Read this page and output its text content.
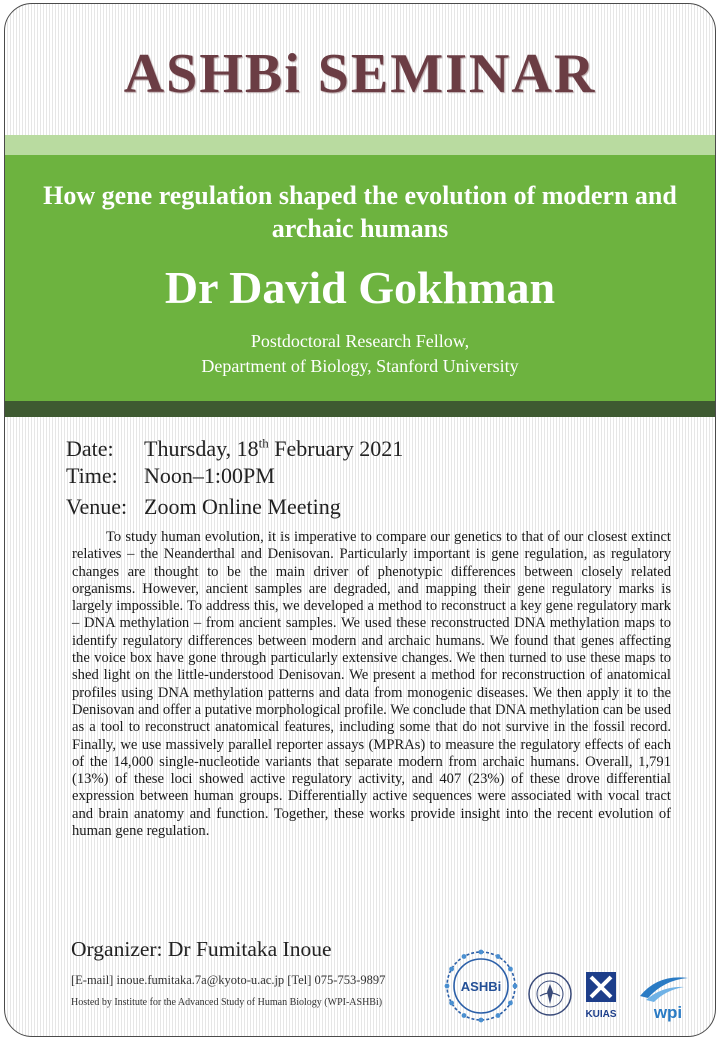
ASHBi SEMINAR
How gene regulation shaped the evolution of modern and archaic humans
Dr David Gokhman
Postdoctoral Research Fellow,
Department of Biology, Stanford University
Date: Thursday, 18th February 2021
Time: Noon–1:00PM
Venue: Zoom Online Meeting
To study human evolution, it is imperative to compare our genetics to that of our closest extinct relatives – the Neanderthal and Denisovan. Particularly important is gene regulation, as regulatory changes are thought to be the main driver of phenotypic differences between closely related organisms. However, ancient samples are degraded, and mapping their gene regulatory marks is largely impossible. To address this, we developed a method to reconstruct a key gene regulatory mark – DNA methylation – from ancient samples. We used these reconstructed DNA methylation maps to identify regulatory differences between modern and archaic humans. We found that genes affecting the voice box have gone through particularly extensive changes. We then turned to use these maps to shed light on the little-understood Denisovan. We present a method for reconstruction of anatomical profiles using DNA methylation patterns and data from monogenic diseases. We then apply it to the Denisovan and offer a putative morphological profile. We conclude that DNA methylation can be used as a tool to reconstruct anatomical features, including some that do not survive in the fossil record. Finally, we use massively parallel reporter assays (MPRAs) to measure the regulatory effects of each of the 14,000 single-nucleotide variants that separate modern from archaic humans. Overall, 1,791 (13%) of these loci showed active regulatory activity, and 407 (23%) of these drove differential expression between human groups. Differentially active sequences were associated with vocal tract and brain anatomy and function. Together, these works provide insight into the recent evolution of human gene regulation.
Organizer: Dr Fumitaka Inoue
[E-mail] inoue.fumitaka.7a@kyoto-u.ac.jp [Tel] 075-753-9897
Hosted by Institute for the Advanced Study of Human Biology (WPI-ASHBi)
ASHBi
KUIAS wpi
